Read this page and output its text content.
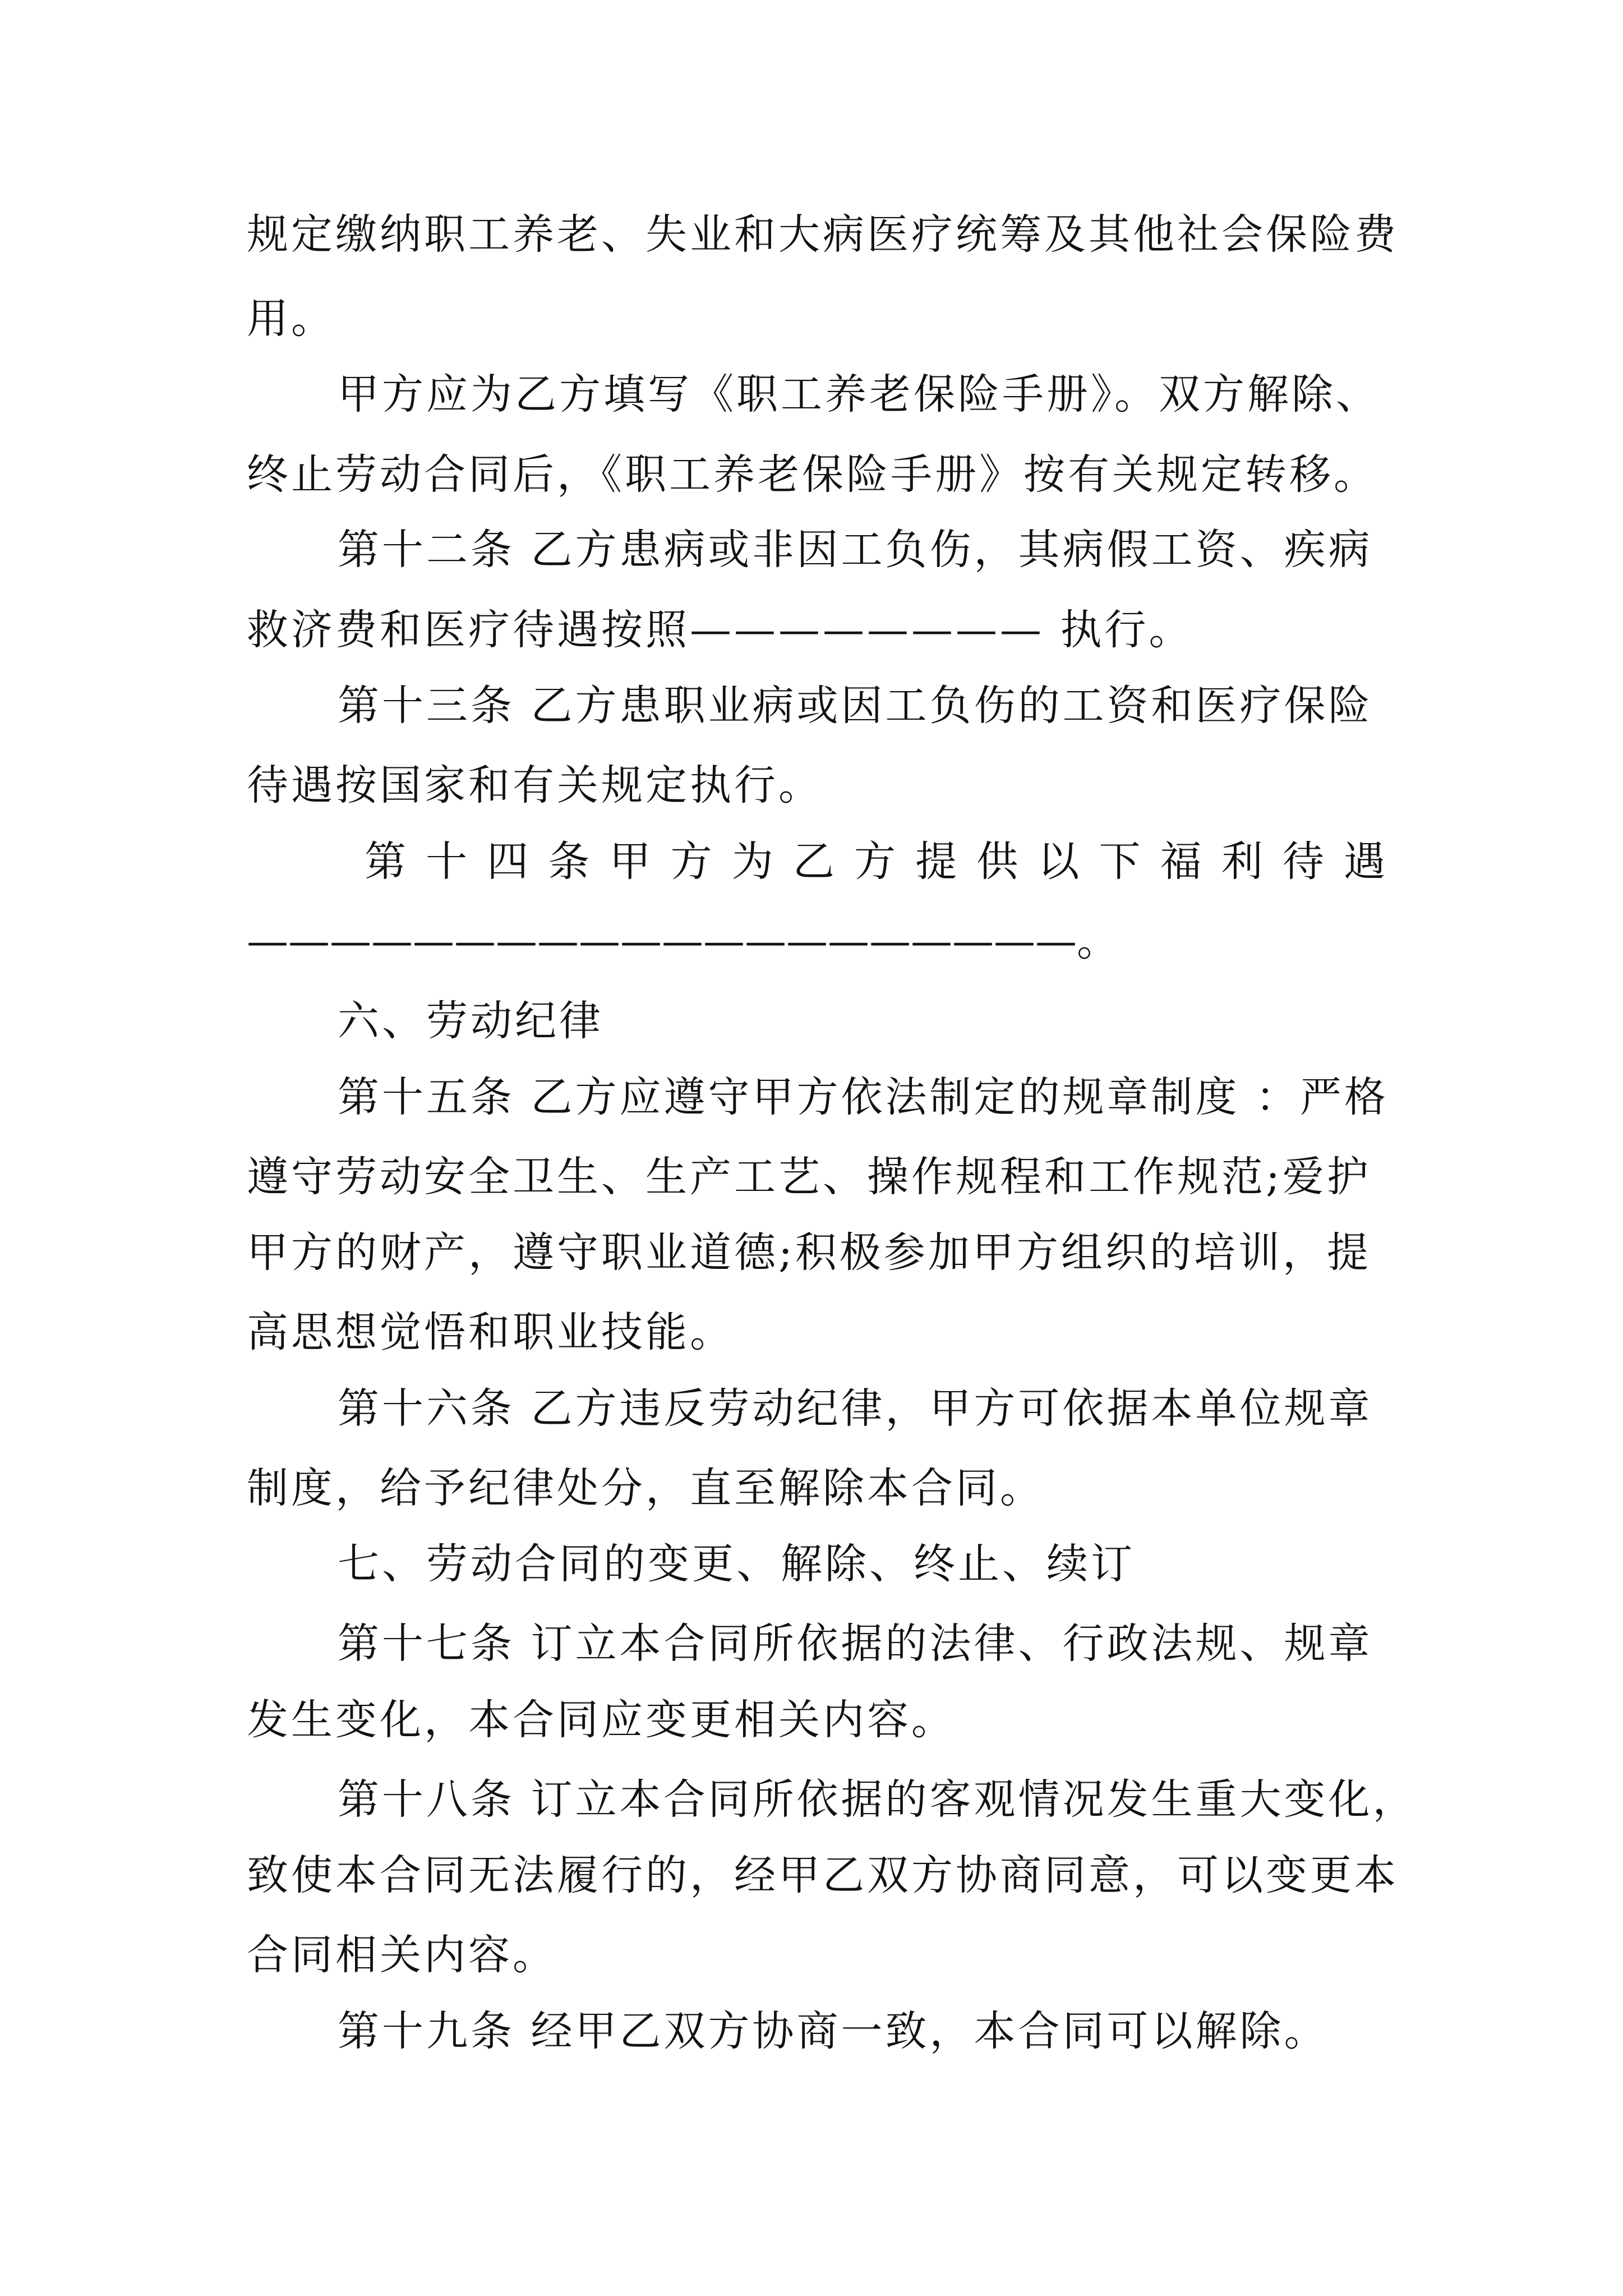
规定缴纳职工养老、失业和大病医疗统筹及其他社会保险费
用。
甲方应为乙方填写《职工养老保险手册》。双方解除、
终止劳动合同后，《职工养老保险手册》按有关规定转移。
第十二条 乙方患病或非因工负伤，其病假工资、疾病
救济费和医疗待遇按照———————— 执行。
第十三条 乙方患职业病或因工负伤的工资和医疗保险
待遇按国家和有关规定执行。
第 十 四 条 甲 方 为 乙 方 提 供 以 下 福 利 待 遇
————————————————————。
六、劳动纪律
第十五条 乙方应遵守甲方依法制定的规章制度 ：严格
遵守劳动安全卫生、生产工艺、操作规程和工作规范;爱护
甲方的财产，遵守职业道德;积极参加甲方组织的培训，提
高思想觉悟和职业技能。
第十六条 乙方违反劳动纪律，甲方可依据本单位规章
制度，给予纪律处分，直至解除本合同。
七、劳动合同的变更、解除、终止、续订
第十七条 订立本合同所依据的法律、行政法规、规章
发生变化，本合同应变更相关内容。
第十八条 订立本合同所依据的客观情况发生重大变化，
致使本合同无法履行的，经甲乙双方协商同意，可以变更本
合同相关内容。
第十九条 经甲乙双方协商一致，本合同可以解除。
